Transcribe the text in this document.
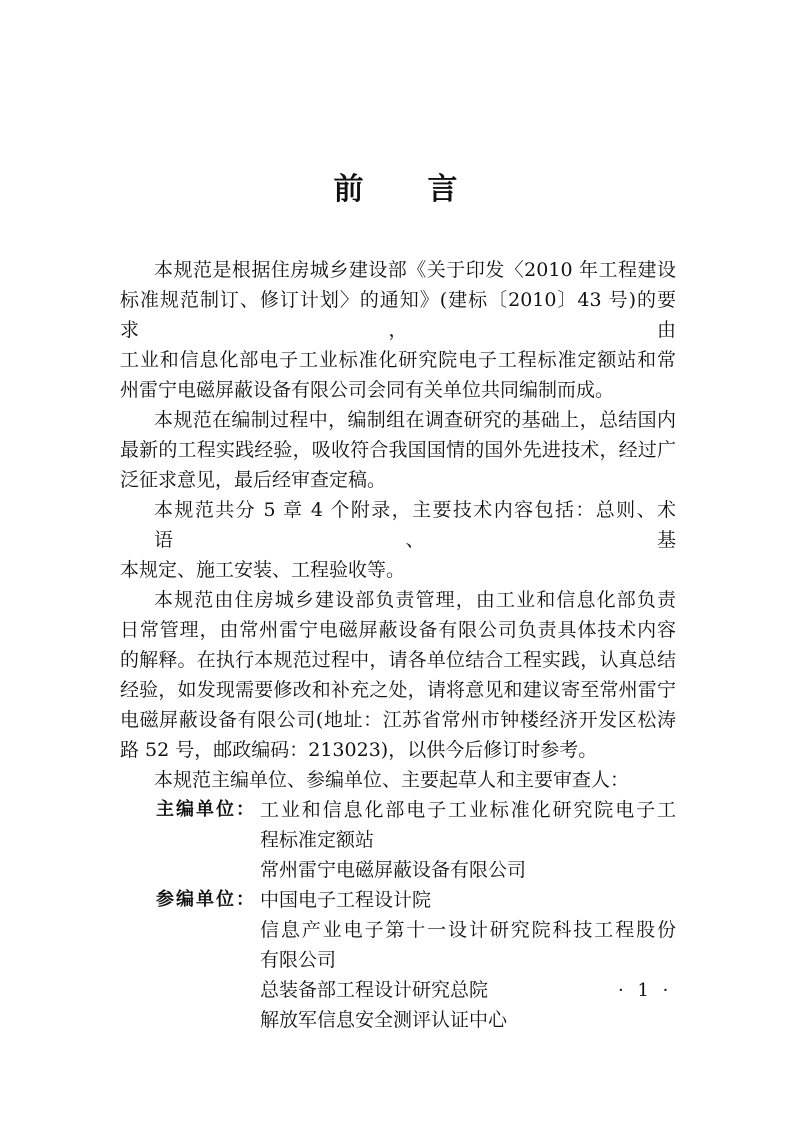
前 言
本规范是根据住房城乡建设部《关于印发〈2010 年工程建设
标准规范制订、修订计划〉的通知》(建标〔2010〕43 号)的要求，由
工业和信息化部电子工业标准化研究院电子工程标准定额站和常
州雷宁电磁屏蔽设备有限公司会同有关单位共同编制而成。
本规范在编制过程中，编制组在调查研究的基础上，总结国内
最新的工程实践经验，吸收符合我国国情的国外先进技术，经过广
泛征求意见，最后经审查定稿。
本规范共分 5 章 4 个附录，主要技术内容包括：总则、术语、基
本规定、施工安装、工程验收等。
本规范由住房城乡建设部负责管理，由工业和信息化部负责
日常管理，由常州雷宁电磁屏蔽设备有限公司负责具体技术内容
的解释。在执行本规范过程中，请各单位结合工程实践，认真总结
经验，如发现需要修改和补充之处，请将意见和建议寄至常州雷宁
电磁屏蔽设备有限公司(地址：江苏省常州市钟楼经济开发区松涛
路 52 号，邮政编码：213023)，以供今后修订时参考。
本规范主编单位、参编单位、主要起草人和主要审查人：
主编单位： 工业和信息化部电子工业标准化研究院电子工
程标准定额站
常州雷宁电磁屏蔽设备有限公司
参编单位： 中国电子工程设计院
信息产业电子第十一设计研究院科技工程股份
有限公司
总装备部工程设计研究总院
解放军信息安全测评认证中心
· 1 ·
